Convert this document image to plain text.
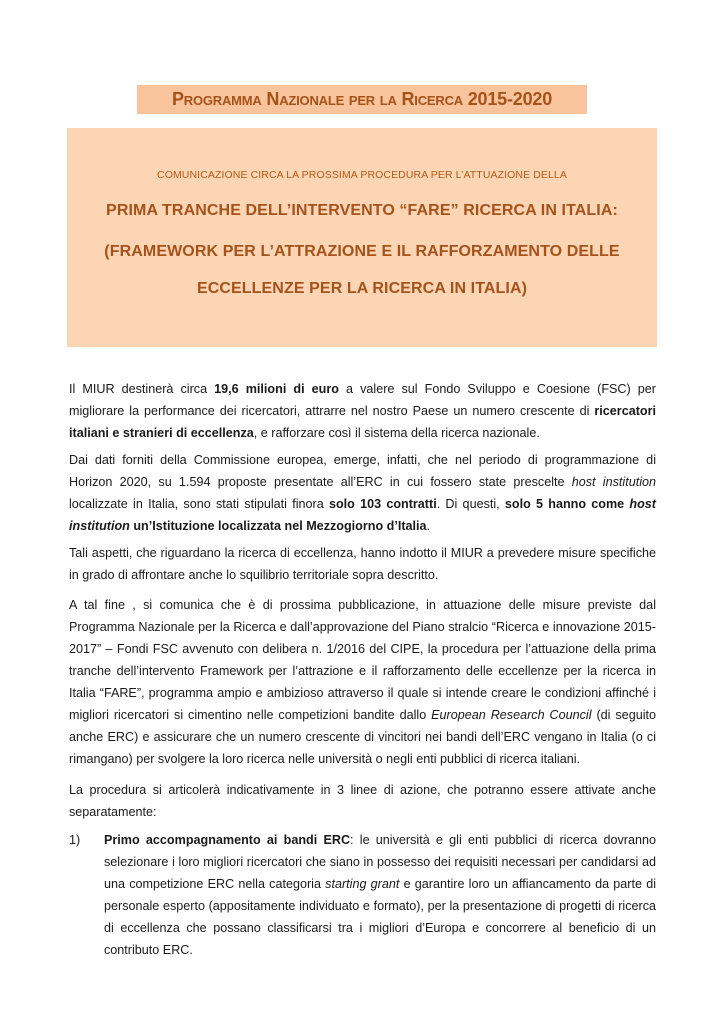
Programma Nazionale per la Ricerca 2015-2020
COMUNICAZIONE CIRCA LA PROSSIMA PROCEDURA PER L’ATTUAZIONE DELLA
PRIMA TRANCHE DELL’INTERVENTO “FARE” RICERCA IN ITALIA:
(FRAMEWORK PER L’ATTRAZIONE E IL RAFFORZAMENTO DELLE
ECCELLENZE PER LA RICERCA IN ITALIA)
Il MIUR destinerà circa 19,6 milioni di euro a valere sul Fondo Sviluppo e Coesione (FSC) per migliorare la performance dei ricercatori, attrarre nel nostro Paese un numero crescente di ricercatori italiani e stranieri di eccellenza, e rafforzare così il sistema della ricerca nazionale.
Dai dati forniti della Commissione europea, emerge, infatti, che nel periodo di programmazione di Horizon 2020, su 1.594 proposte presentate all’ERC in cui fossero state prescelte host institution localizzate in Italia, sono stati stipulati finora solo 103 contratti. Di questi, solo 5 hanno come host institution un’Istituzione localizzata nel Mezzogiorno d’Italia.
Tali aspetti, che riguardano la ricerca di eccellenza, hanno indotto il MIUR a prevedere misure specifiche in grado di affrontare anche lo squilibrio territoriale sopra descritto.
A tal fine , si comunica che è di prossima pubblicazione, in attuazione delle misure previste dal Programma Nazionale per la Ricerca e dall’approvazione del Piano stralcio “Ricerca e innovazione 2015-2017” – Fondi FSC avvenuto con delibera n. 1/2016 del CIPE, la procedura per l’attuazione della prima tranche dell’intervento Framework per l’attrazione e il rafforzamento delle eccellenze per la ricerca in Italia “FARE”, programma ampio e ambizioso attraverso il quale si intende creare le condizioni affinché i migliori ricercatori si cimentino nelle competizioni bandite dallo European Research Council (di seguito anche ERC) e assicurare che un numero crescente di vincitori nei bandi dell’ERC vengano in Italia (o ci rimangano) per svolgere la loro ricerca nelle università o negli enti pubblici di ricerca italiani.
La procedura si articolerà indicativamente in 3 linee di azione, che potranno essere attivate anche separatamente:
1)	Primo accompagnamento ai bandi ERC: le università e gli enti pubblici di ricerca dovranno selezionare i loro migliori ricercatori che siano in possesso dei requisiti necessari per candidarsi ad una competizione ERC nella categoria starting grant e garantire loro un affiancamento da parte di personale esperto (appositamente individuato e formato), per la presentazione di progetti di ricerca di eccellenza che possano classificarsi tra i migliori d’Europa e concorrere al beneficio di un contributo ERC.
